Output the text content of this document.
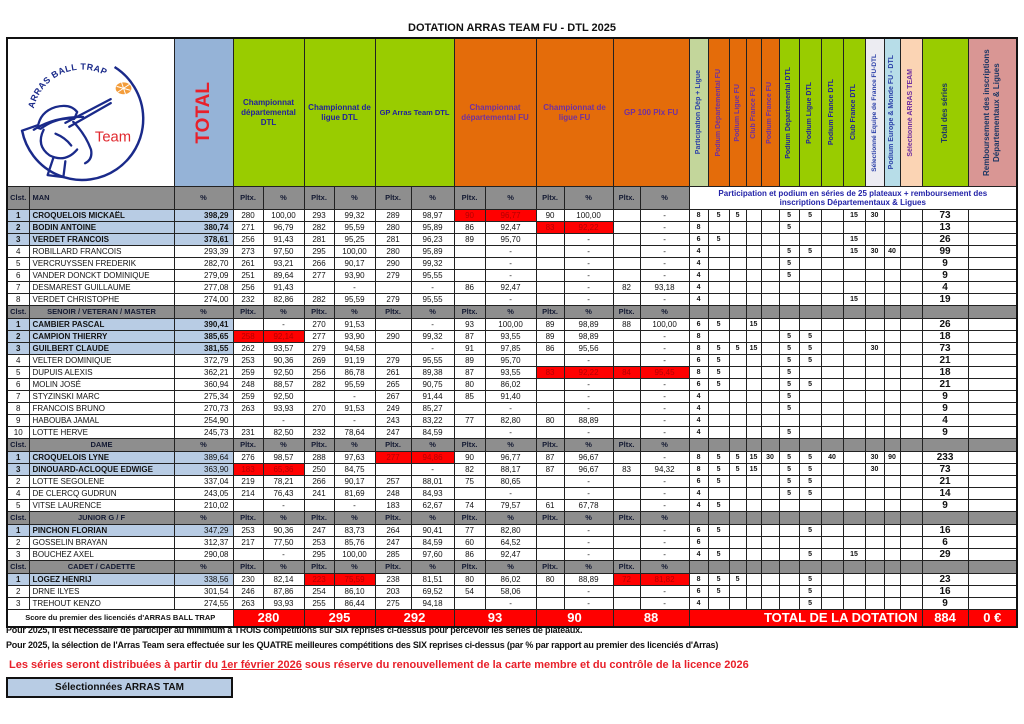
DOTATION ARRAS TEAM FU - DTL 2025
ARRAS BALL TRAP
Team		TOTAL	Championnat départemental DTL		Championnat de ligue DTL		GP Arras Team DTL		Championnat départemental FU		Championnat de ligue FU		GP 100 Plx FU		Participation Dép + Ligue	Podium Départemental FU	Podium Ligue FU	Club France FU	Podium France FU	Podium Départemental DTL	Podium Ligue DTL	Podium France DTL	Club France DTL	Sélectionné Equipe de France FU-DTL	Podium Europe & Monde FU - DTL	Sélectionné ARRAS TEAM	Total des séries	Remboursement des inscriptions Départementaux & Ligues

Clst.	MAN	%	Pltx.	%	Pltx.	%	Pltx.	%	Pltx.	%	Pltx.	%	Pltx.	%	Participation et podium en séries de 25 plateaux + remboursement des inscriptions Départementaux & Ligues													
1	CROQUELOIS MICKAËL	398,29	280	100,00	293	99,32	289	98,97	90	96,77	90	100,00		-	8	5	5			5	5		15	30			73	
2	BODIN ANTOINE	380,74	271	96,79	282	95,59	280	95,89	86	92,47	83	92,22		-	8					5							13	
3	VERDET FRANCOIS	378,61	256	91,43	281	95,25	281	96,23	89	95,70		-		-	6	5							15				26	
4	ROBILLARD FRANCOIS	293,39	273	97,50	295	100,00	280	95,89		-		-		-	4					5	5		15	30	40		99	
5	VERCRUYSSEN FREDERIK	282,70	261	93,21	266	90,17	290	99,32		-		-		-	4					5							9	
6	VANDER DONCKT DOMINIQUE	279,09	251	89,64	277	93,90	279	95,55		-		-		-	4					5							9	
7	DESMAREST GUILLAUME	277,08	256	91,43		-		-	86	92,47		-	82	93,18	4												4	
8	VERDET CHRISTOPHE	274,00	232	82,86	282	95,59	279	95,55		-		-		-	4								15				19	
Clst.	SENOIR / VETERAN / MASTER	%	Pltx.	%	Pltx.	%	Pltx.	%	Pltx.	%	Pltx.	%	Pltx.	%														
1	CAMBIER PASCAL	390,41		-	270	91,53		-	93	100,00	89	98,89	88	100,00	6	5		15									26	
2	CAMPION THIERRY	385,65	258	92,14	277	93,90	290	99,32	87	93,55	89	98,89		-	8					5	5						18	
3	GUILBERT CLAUDE	381,55	262	93,57	279	94,58		-	91	97,85	86	95,56		-	8	5	5	15		5	5			30			73	
4	VELTER DOMINIQUE	372,79	253	90,36	269	91,19	279	95,55	89	95,70		-		-	6	5				5	5						21	
5	DUPUIS ALEXIS	362,21	259	92,50	256	86,78	261	89,38	87	93,55	83	92,22	84	95,45	8	5				5							18	
6	MOLIN JOSÉ	360,94	248	88,57	282	95,59	265	90,75	80	86,02		-		-	6	5				5	5						21	
7	STYZINSKI MARC	275,34	259	92,50		-	267	91,44	85	91,40		-		-	4					5							9	
8	FRANCOIS BRUNO	270,73	263	93,93	270	91,53	249	85,27		-		-		-	4					5							9	
9	HABOUBA JAMAL	254,90		-		-	243	83,22	77	82,80	80	88,89		-	4												4	
10	LOTTE HERVE	245,73	231	82,50	232	78,64	247	84,59		-		-		-	4					5							9	
Clst.	DAME	%	Pltx.	%	Pltx.	%	Pltx.	%	Pltx.	%	Pltx.	%	Pltx.	%														
1	CROQUELOIS LYNE	389,64	276	98,57	288	97,63	277	94,86	90	96,77	87	96,67		-	8	5	5	15	30	5	5	40		30	90		233	
3	DINOUARD-ACLOQUE EDWIGE	363,90	183	65,36	250	84,75		-	82	88,17	87	96,67	83	94,32	8	5	5	15		5	5			30			73	
2	LOTTE SEGOLENE	337,04	219	78,21	266	90,17	257	88,01	75	80,65		-		-	6	5				5	5						21	
4	DE CLERCQ GUDRUN	243,05	214	76,43	241	81,69	248	84,93		-		-		-	4					5	5						14	
5	VITSE LAURENCE	210,02		-		-	183	62,67	74	79,57	61	67,78		-	4	5											9	
Clst.	JUNIOR G / F	%	Pltx.	%	Pltx.	%	Pltx.	%	Pltx.	%	Pltx.	%	Pltx.	%														
1	PINCHON FLORIAN	347,29	253	90,36	247	83,73	264	90,41	77	82,80		-		-	6	5					5						16	
2	GOSSELIN BRAYAN	312,37	217	77,50	253	85,76	247	84,59	60	64,52		-		-	6												6	
3	BOUCHEZ AXEL	290,08		-	295	100,00	285	97,60	86	92,47		-		-	4	5					5		15				29	
Clst.	CADET / CADETTE	%	Pltx.	%	Pltx.	%	Pltx.	%	Pltx.	%	Pltx.	%	Pltx.	%														
1	LOGEZ HENRIJ	338,56	230	82,14	223	75,59	238	81,51	80	86,02	80	88,89	72	81,82	8	5	5				5						23	
2	DRNE ILYES	301,54	246	87,86	254	86,10	203	69,52	54	58,06		-		-	6	5					5						16	
3	TREHOUT KENZO	274,55	263	93,93	255	86,44	275	94,18		-		-		-	4						5						9	
Score du premier des licenciés d'ARRAS BALL TRAP			280		295		292		93		90		88		TOTAL DE LA DOTATION												884	0 €
Pour 2025, il est nécessaire de participer au minimum à TROIS compétitions sur SIX reprises ci-dessus pour percevoir les séries de plateaux.
Pour 2025, la sélection de l'Arras Team sera effectuée sur les QUATRE meilleures compétitions des SIX reprises ci-dessus (par % par rapport au premier des licenciés d'Arras)
Les séries seront distribuées à partir du 1er février 2026 sous réserve du renouvellement de la carte membre et du contrôle de la licence 2026
Sélectionnées ARRAS TAM
